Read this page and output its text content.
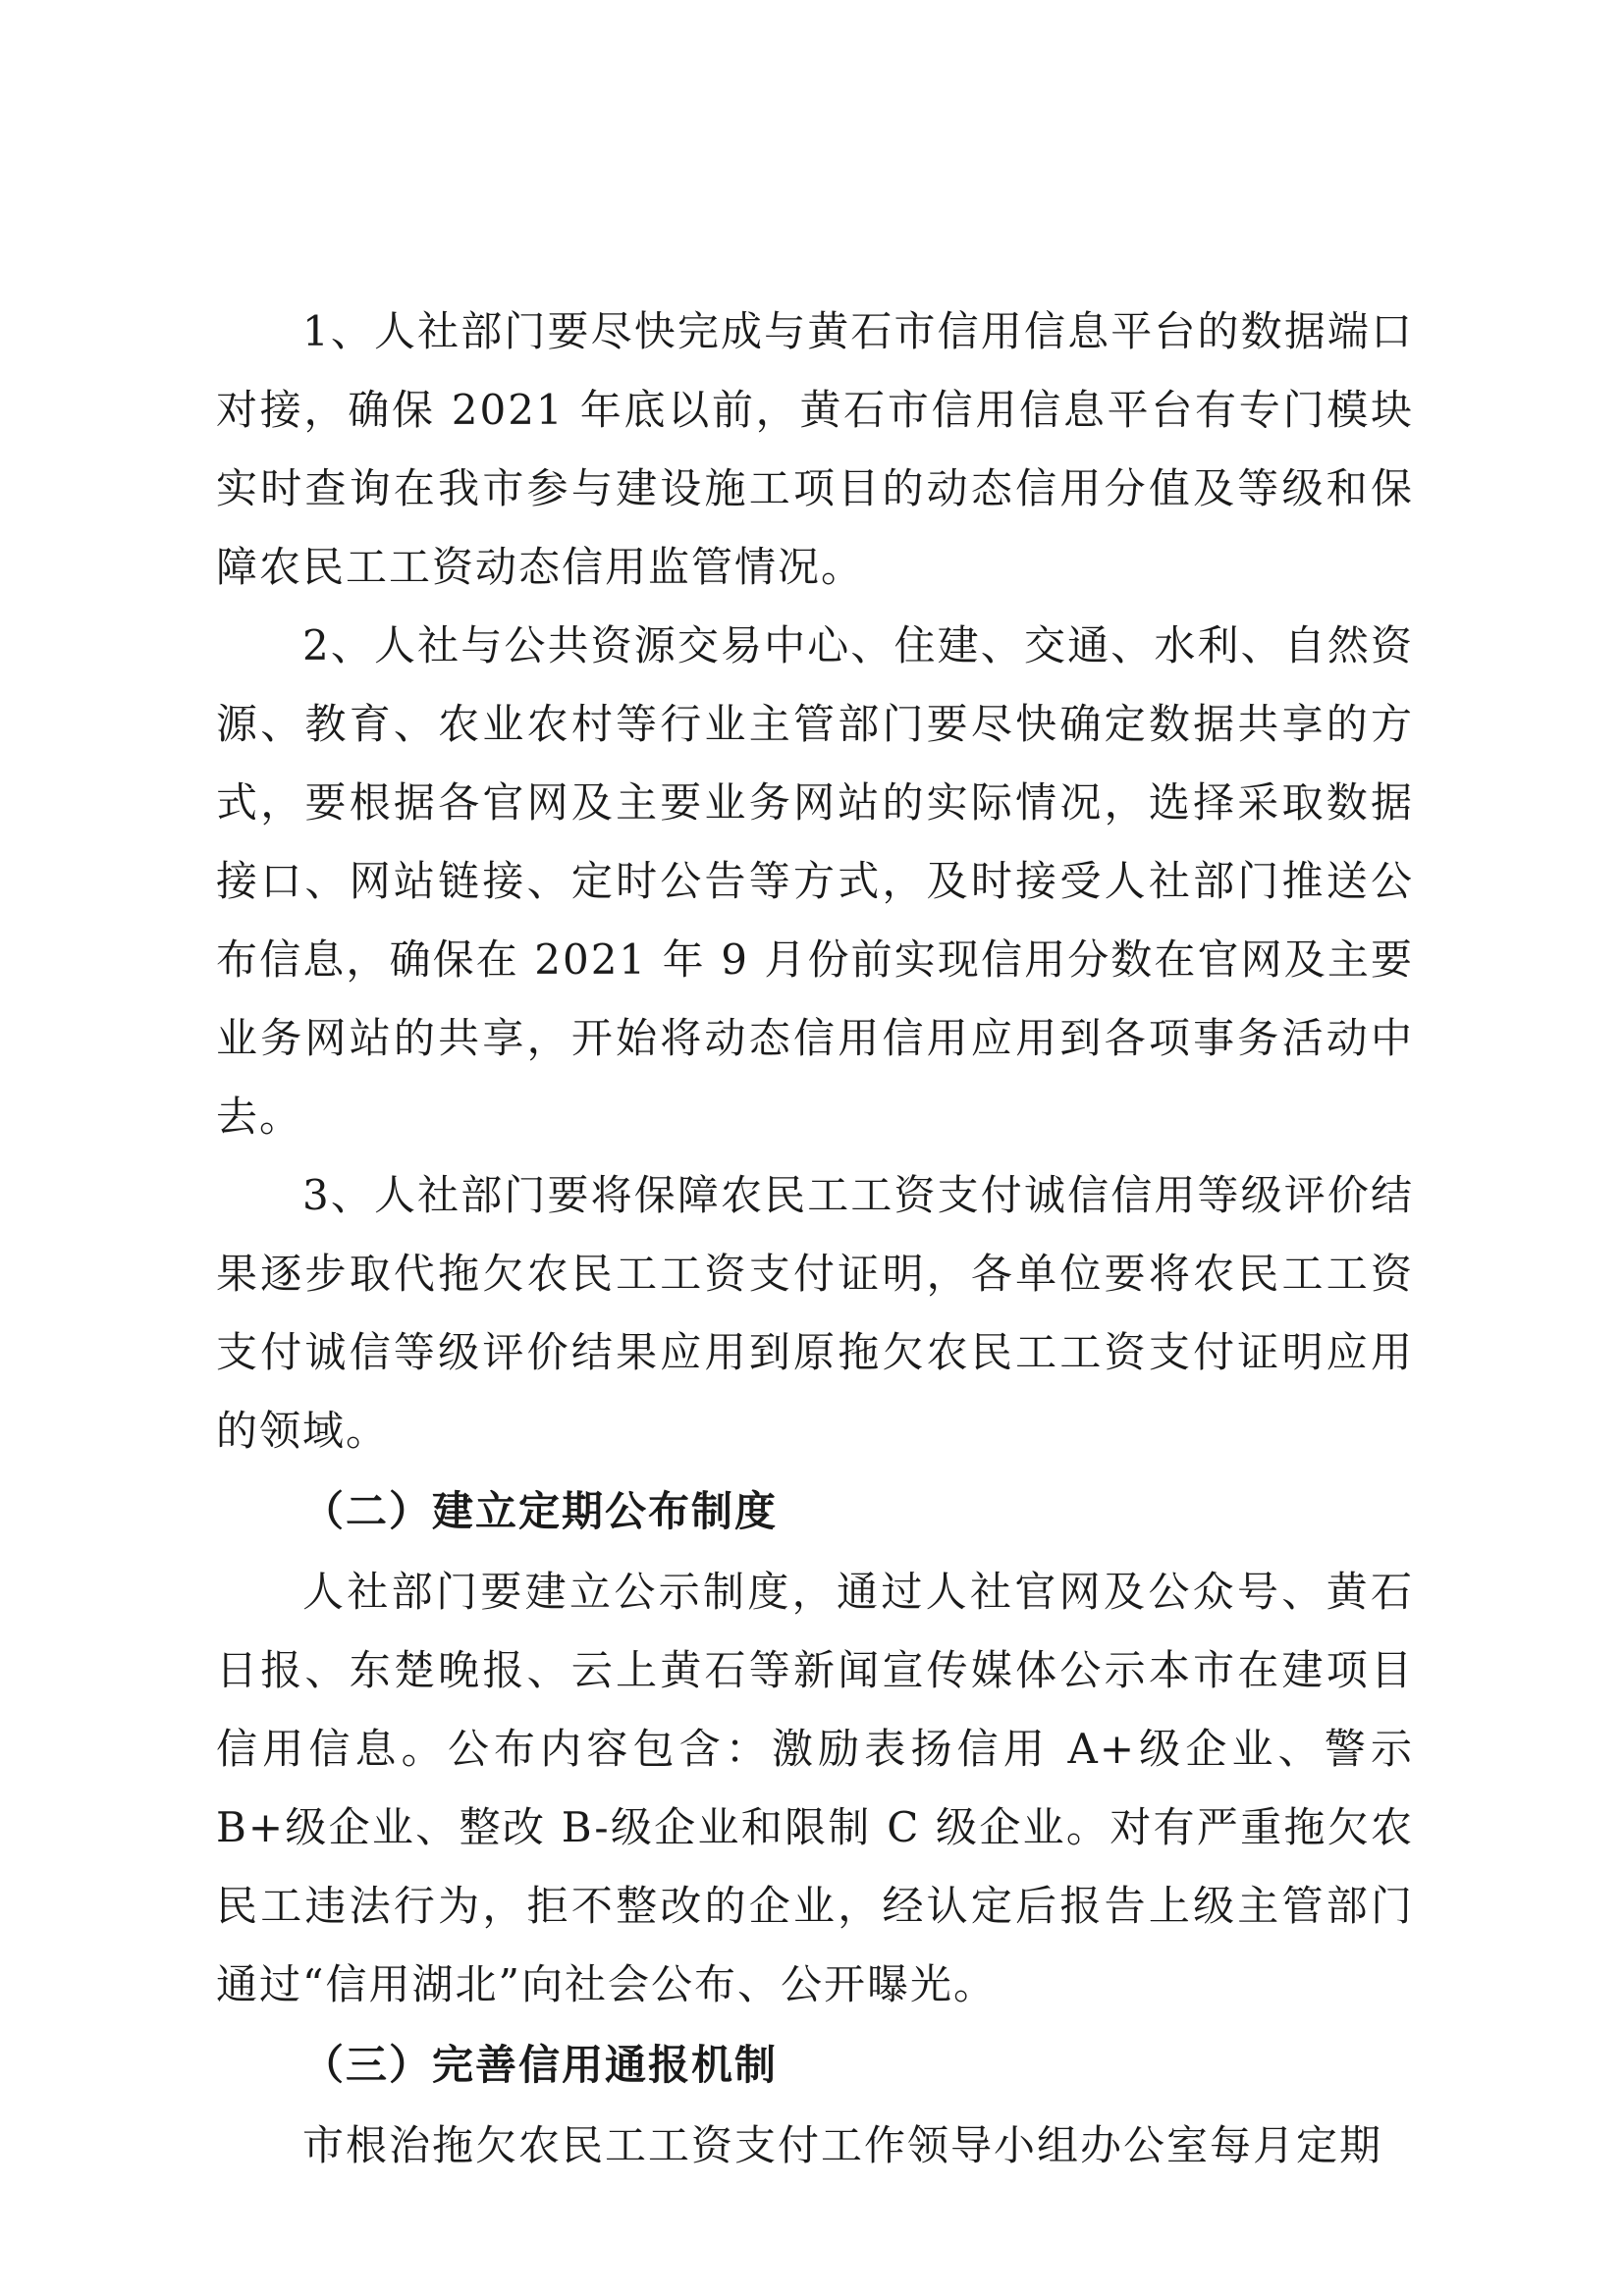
1、人社部门要尽快完成与黄石市信用信息平台的数据端口对接，确保 2021 年底以前，黄石市信用信息平台有专门模块实时查询在我市参与建设施工项目的动态信用分值及等级和保障农民工工资动态信用监管情况。

2、人社与公共资源交易中心、住建、交通、水利、自然资源、教育、农业农村等行业主管部门要尽快确定数据共享的方式，要根据各官网及主要业务网站的实际情况，选择采取数据接口、网站链接、定时公告等方式，及时接受人社部门推送公布信息，确保在 2021 年 9 月份前实现信用分数在官网及主要业务网站的共享，开始将动态信用信用应用到各项事务活动中去。

3、人社部门要将保障农民工工资支付诚信信用等级评价结果逐步取代拖欠农民工工资支付证明，各单位要将农民工工资支付诚信等级评价结果应用到原拖欠农民工工资支付证明应用的领域。

（二）建立定期公布制度

人社部门要建立公示制度，通过人社官网及公众号、黄石日报、东楚晚报、云上黄石等新闻宣传媒体公示本市在建项目信用信息。公布内容包含：激励表扬信用 A+级企业、警示 B+级企业、整改 B-级企业和限制 C 级企业。对有严重拖欠农民工违法行为，拒不整改的企业，经认定后报告上级主管部门通过“信用湖北”向社会公布、公开曝光。

（三）完善信用通报机制

市根治拖欠农民工工资支付工作领导小组办公室每月定期
